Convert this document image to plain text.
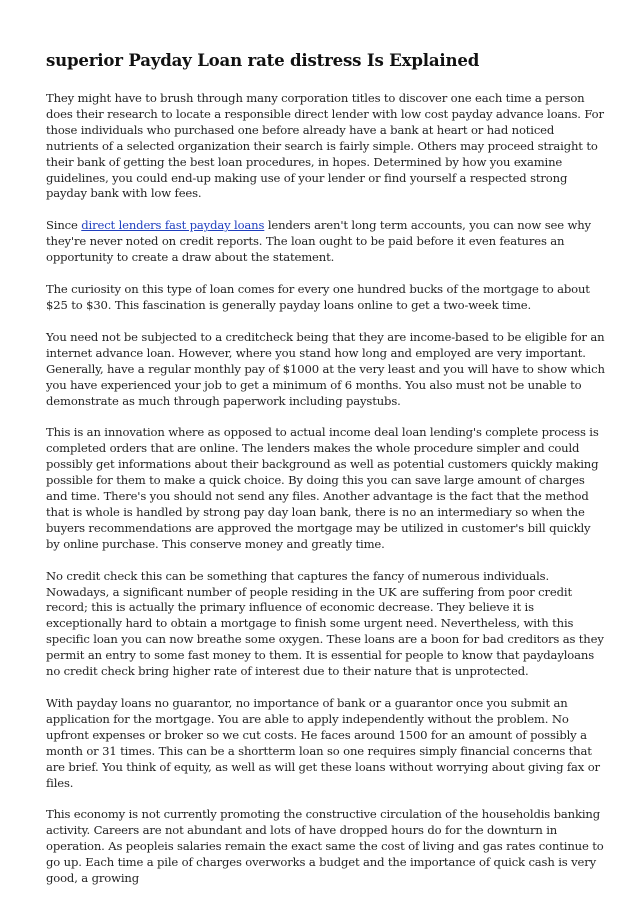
superior Payday Loan rate distress Is Explained

They might have to brush through many corporation titles to discover one each time a person does their research to locate a responsible direct lender with low cost payday advance loans. For those individuals who purchased one before already have a bank at heart or had noticed nutrients of a selected organization their search is fairly simple. Others may proceed straight to their bank of getting the best loan procedures, in hopes. Determined by how you examine guidelines, you could end-up making use of your lender or find yourself a respected strong payday bank with low fees.

Since direct lenders fast payday loans lenders aren't long term accounts, you can now see why they're never noted on credit reports. The loan ought to be paid before it even features an opportunity to create a draw about the statement.

The curiosity on this type of loan comes for every one hundred bucks of the mortgage to about $25 to $30. This fascination is generally payday loans online to get a two-week time.

You need not be subjected to a creditcheck being that they are income-based to be eligible for an internet advance loan. However, where you stand how long and employed are very important. Generally, have a regular monthly pay of $1000 at the very least and you will have to show which you have experienced your job to get a minimum of 6 months. You also must not be unable to demonstrate as much through paperwork including paystubs.

This is an innovation where as opposed to actual income deal loan lending's complete process is completed orders that are online. The lenders makes the whole procedure simpler and could possibly get informations about their background as well as potential customers quickly making possible for them to make a quick choice. By doing this you can save large amount of charges and time. There's you should not send any files. Another advantage is the fact that the method that is whole is handled by strong pay day loan bank, there is no an intermediary so when the buyers recommendations are approved the mortgage may be utilized in customer's bill quickly by online purchase. This conserve money and greatly time.

No credit check this can be something that captures the fancy of numerous individuals. Nowadays, a significant number of people residing in the UK are suffering from poor credit record; this is actually the primary influence of economic decrease. They believe it is exceptionally hard to obtain a mortgage to finish some urgent need. Nevertheless, with this specific loan you can now breathe some oxygen. These loans are a boon for bad creditors as they permit an entry to some fast money to them. It is essential for people to know that paydayloans no credit check bring higher rate of interest due to their nature that is unprotected.

With payday loans no guarantor, no importance of bank or a guarantor once you submit an application for the mortgage. You are able to apply independently without the problem. No upfront expenses or broker so we cut costs. He faces around 1500 for an amount of possibly a month or 31 times. This can be a shortterm loan so one requires simply financial concerns that are brief. You think of equity, as well as will get these loans without worrying about giving fax or files.

This economy is not currently promoting the constructive circulation of the householdis banking activity. Careers are not abundant and lots of have dropped hours do for the downturn in operation. As peopleis salaries remain the exact same the cost of living and gas rates continue to go up. Each time a pile of charges overworks a budget and the importance of quick cash is very good, a growing
